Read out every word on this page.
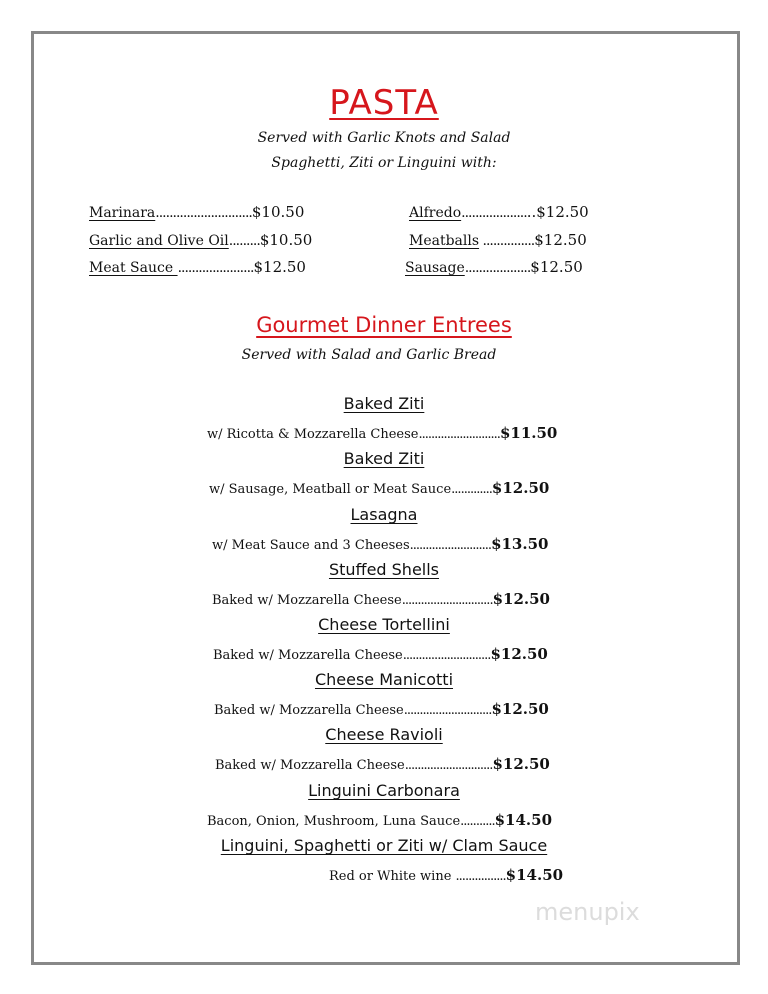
PASTA
Served with Garlic Knots and Salad
Spaghetti, Ziti or Linguini with:
Marinara............................$10.50
Garlic and Olive Oil.........$10.50
Meat Sauce ......................$12.50
Alfredo.....................$12.50
Meatballs ...............$12.50
Sausage...................$12.50
Gourmet Dinner Entrees
Served with Salad and Garlic Bread
Baked Ziti
w/ Ricotta & Mozzarella Cheese..........................$11.50
Baked Ziti
w/ Sausage, Meatball or Meat Sauce.............$12.50
Lasagna
w/ Meat Sauce and 3 Cheeses..........................$13.50
Stuffed Shells
Baked w/ Mozzarella Cheese.............................$12.50
Cheese Tortellini
Baked w/ Mozzarella Cheese............................$12.50
Cheese Manicotti
Baked w/ Mozzarella Cheese............................$12.50
Cheese Ravioli
Baked w/ Mozzarella Cheese............................$12.50
Linguini Carbonara
Bacon, Onion, Mushroom, Luna Sauce...........$14.50
Linguini, Spaghetti or Ziti w/ Clam Sauce
Red or White wine ................$14.50
menupix
